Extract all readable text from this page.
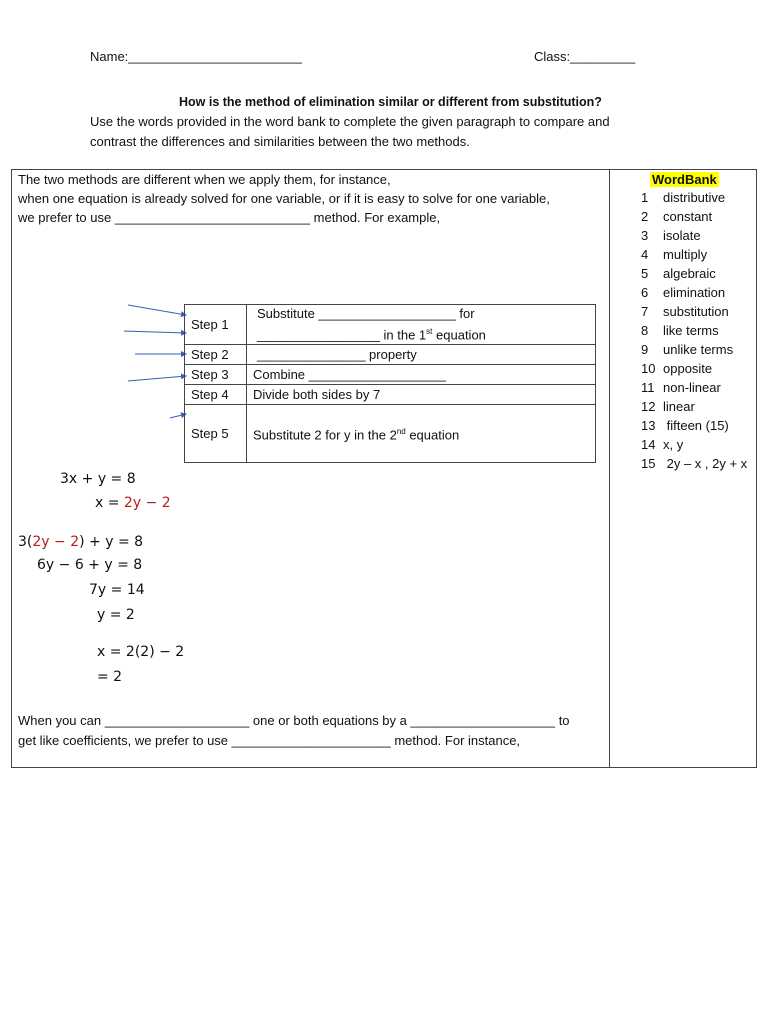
Name:________________________	Class:_________
How is the method of elimination similar or different from substitution?
Use the words provided in the word bank to complete the given paragraph to compare and
contrast the differences and similarities between the two methods.
The two methods are different when we apply them, for instance,
when one equation is already solved for one variable, or if it is easy to solve for one variable,
we prefer to use ___________________________ method. For example,
Step 1	Substitute ___________________ for
_________________ in the 1st equation

Step 2	_______________ property
Step 3	Combine ___________________
Step 4	Divide both sides by 7
Step 5	Substitute 2 for y in the 2nd equation
3x + y = 8
x = 2y − 2
3(2y − 2) + y = 8
6y − 6 + y = 8
7y = 14
y = 2
x = 2(2) − 2
= 2
When you can ____________________ one or both equations by a ____________________ to
get like coefficients, we prefer to use ______________________ method. For instance,
WordBank
1 distributive
2 constant
3 isolate
4 multiply
5 algebraic
6 elimination
7 substitution
8 like terms
9 unlike terms
10 opposite
11 non-linear
12 linear
13 fifteen (15)
14 x, y
15 2y – x , 2y + x
